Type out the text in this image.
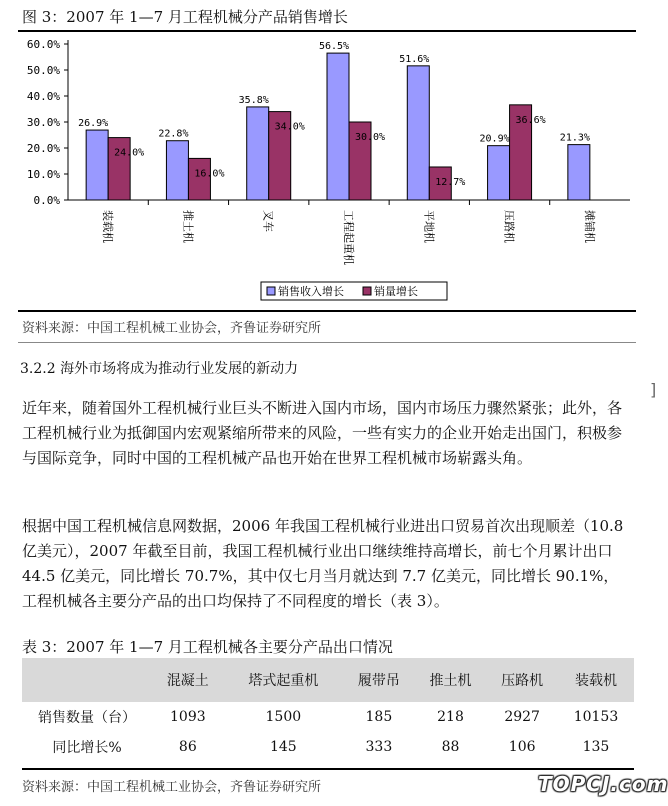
图 3：2007 年 1—7 月工程机械分产品销售增长
60.0%
50.0%
40.0%
30.0%
20.0%
10.0%
0.0%
26.9%
24.0%
22.8%
16.0%
35.8%
34.0%
56.5%
30.0%
51.6%
12.7%
20.9%
36.6%
21.3%
装载机	推土机	叉车	工程起重机	平地机	压路机	摊铺机
销售收入增长	销量增长
资料来源：中国工程机械工业协会，齐鲁证券研究所
3.2.2 海外市场将成为推动行业发展的新动力

近年来，随着国外工程机械行业巨头不断进入国内市场，国内市场压力骤然紧张；此外，各工程机械行业为抵御国内宏观紧缩所带来的风险，一些有实力的企业开始走出国门，积极参与国际竞争，同时中国的工程机械产品也开始在世界工程机械市场崭露头角。

根据中国工程机械信息网数据，2006 年我国工程机械行业进出口贸易首次出现顺差（10.8 亿美元），2007 年截至目前，我国工程机械行业出口继续维持高增长，前七个月累计出口 44.5 亿美元，同比增长 70.7%，其中仅七月当月就达到 7.7 亿美元，同比增长 90.1%，工程机械各主要分产品的出口均保持了不同程度的增长（表 3）。

]
表 3：2007 年 1—7 月工程机械各主要分产品出口情况
	混凝土	塔式起重机	履带吊	推土机	压路机	装载机
销售数量（台）	1093	1500	185	218	2927	10153
同比增长%	86	145	333	88	106	135
资料来源：中国工程机械工业协会，齐鲁证券研究所	TOPCJ.com
